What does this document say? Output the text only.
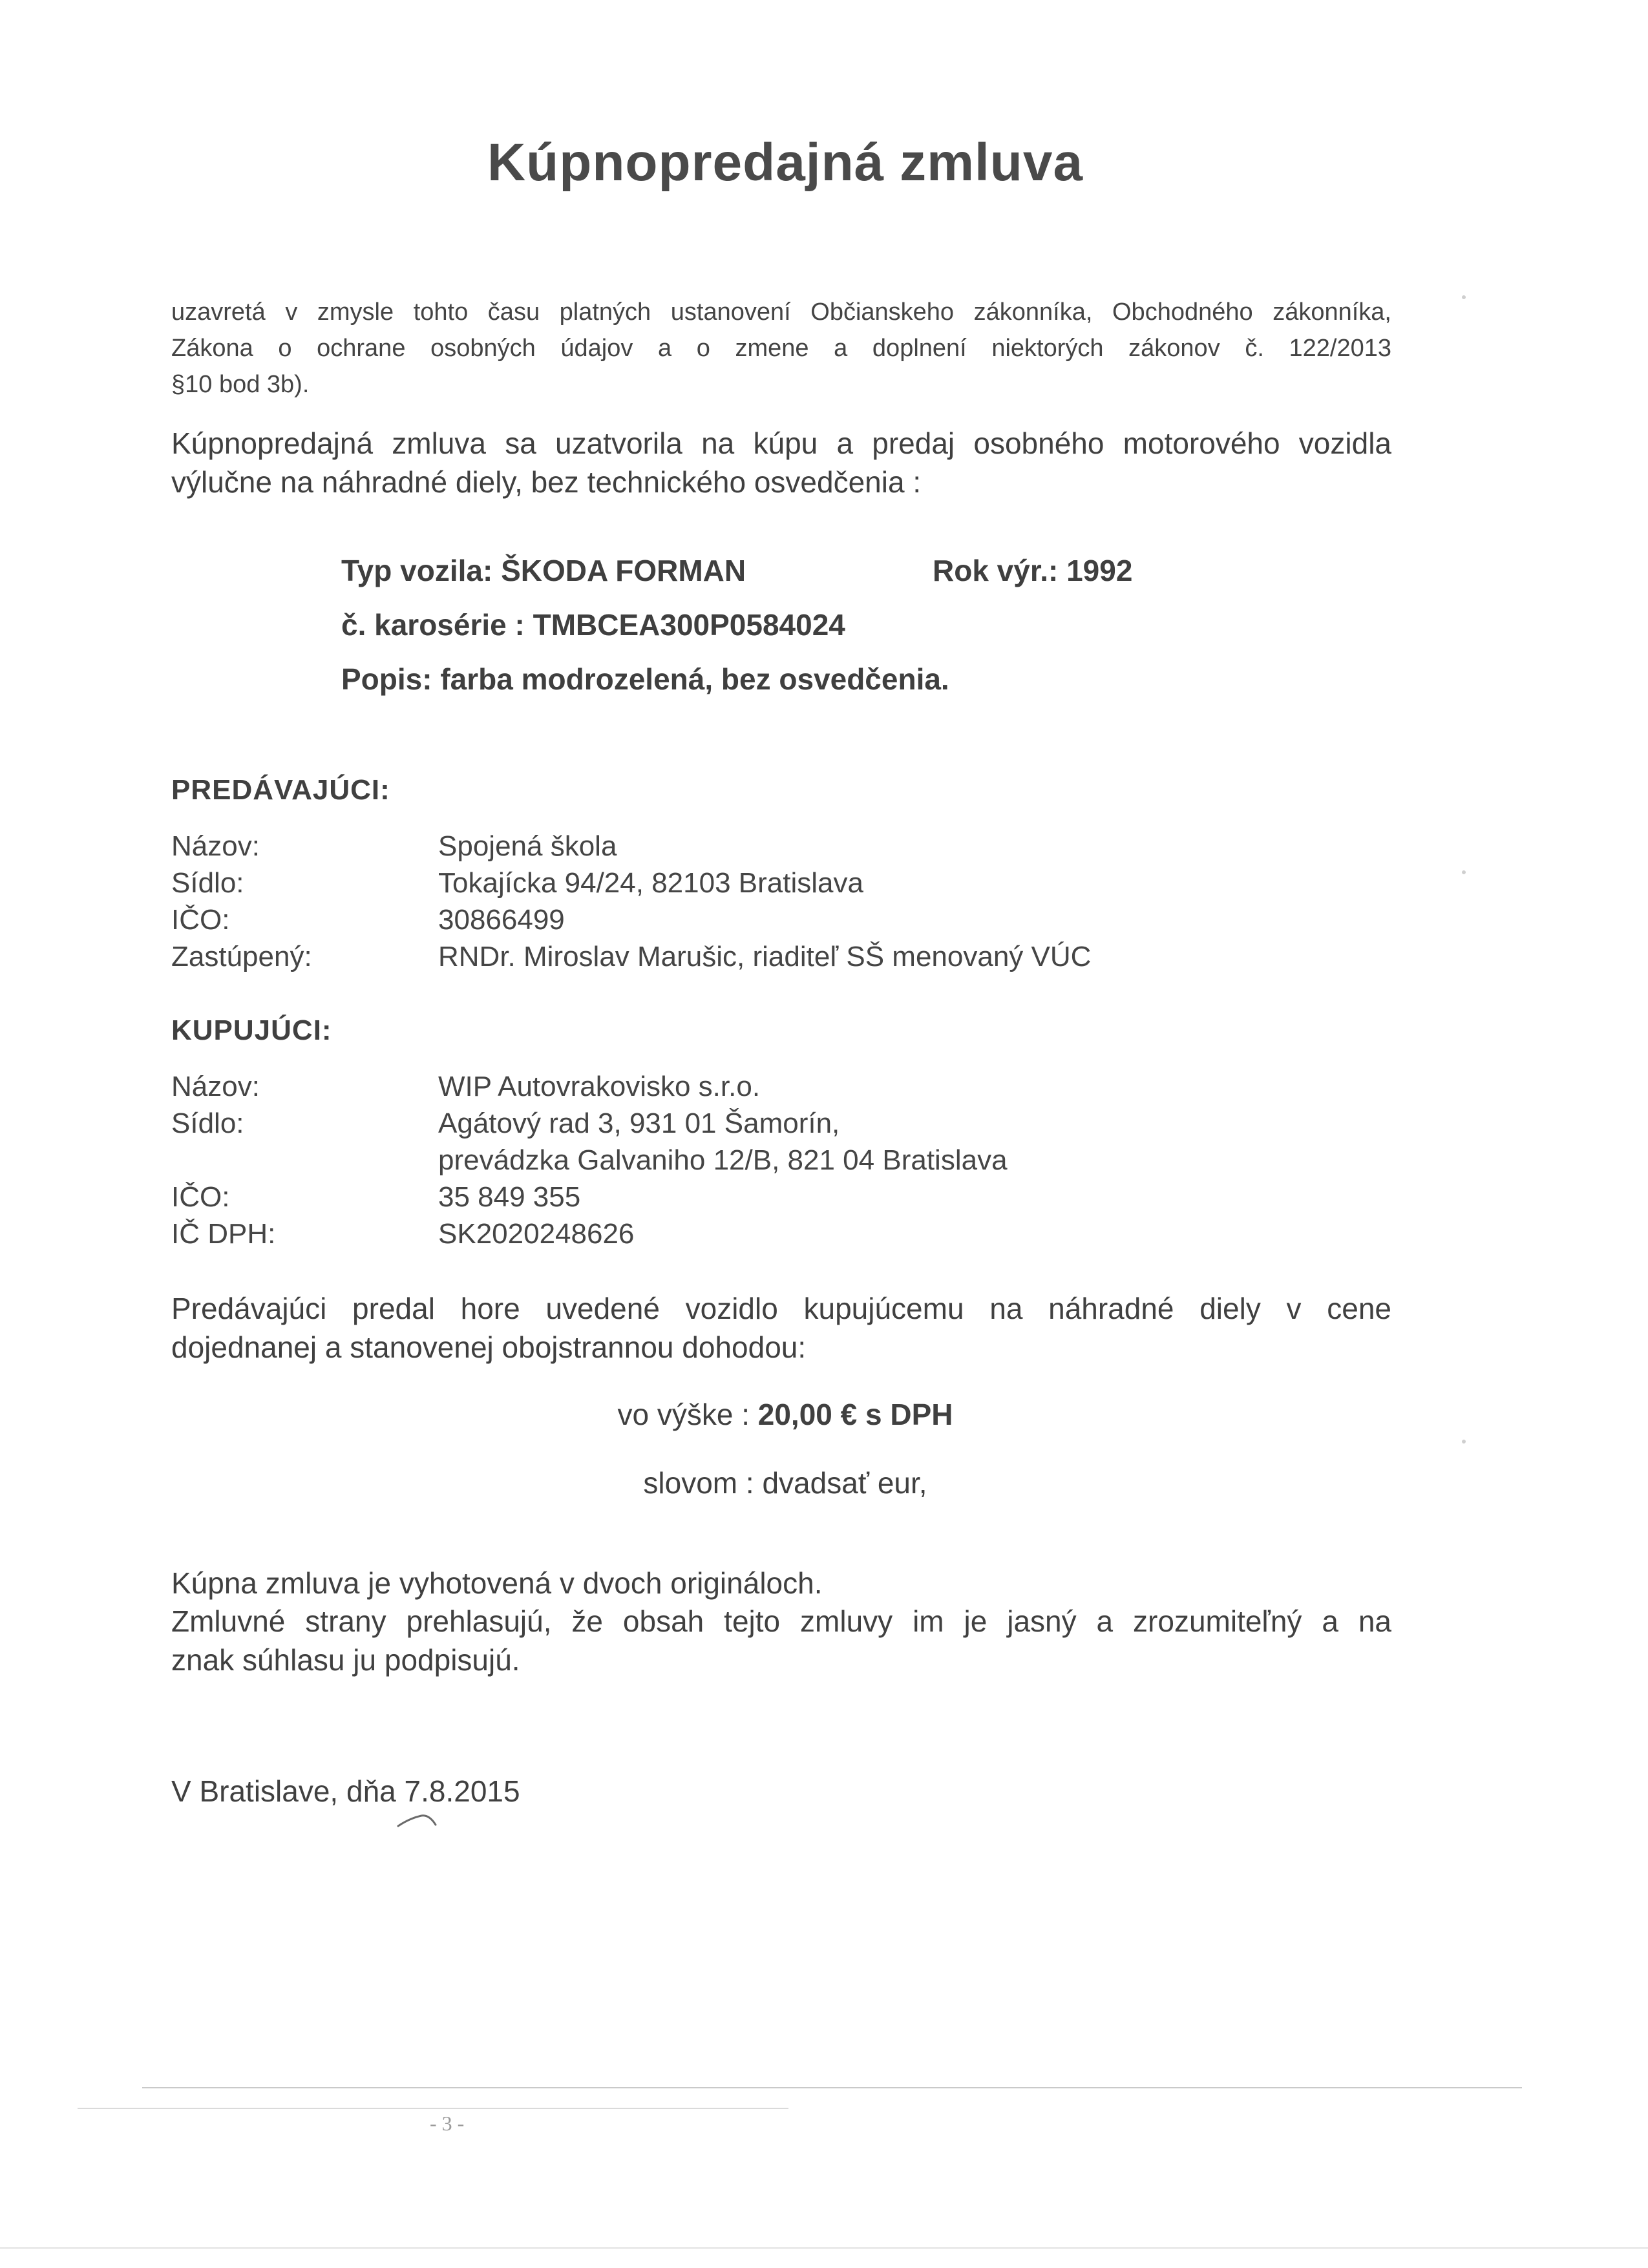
Kúpnopredajná zmluva
uzavretá v zmysle tohto času platných ustanovení Občianskeho zákonníka, Obchodného zákonníka,
Zákona o ochrane osobných údajov a o zmene a doplnení niektorých zákonov č. 122/2013
§10 bod 3b).
Kúpnopredajná zmluva sa uzatvorila na kúpu a predaj osobného motorového vozidla
výlučne na náhradné diely, bez technického osvedčenia :
Typ vozila: ŠKODA FORMAN	Rok výr.: 1992
č. karosérie : TMBCEA300P0584024
Popis: farba modrozelená, bez osvedčenia.
PREDÁVAJÚCI:
Názov:	Spojená škola
Sídlo:	Tokajícka 94/24, 82103 Bratislava
IČO:	30866499
Zastúpený:	RNDr. Miroslav Marušic, riaditeľ SŠ menovaný VÚC
KUPUJÚCI:
Názov:	WIP Autovrakovisko s.r.o.
Sídlo:	Agátový rad 3, 931 01 Šamorín,
prevádzka Galvaniho 12/B, 821 04 Bratislava
IČO:	35 849 355
IČ DPH:	SK2020248626
Predávajúci predal hore uvedené vozidlo kupujúcemu na náhradné diely v cene
dojednanej a stanovenej obojstrannou dohodou:
vo výške : 20,00 € s DPH
slovom : dvadsať eur,
Kúpna zmluva je vyhotovená v dvoch origináloch.
Zmluvné strany prehlasujú, že obsah tejto zmluvy im je jasný a zrozumiteľný a na
znak súhlasu ju podpisujú.
V Bratislave, dňa 7.8.2015
- 3 -
